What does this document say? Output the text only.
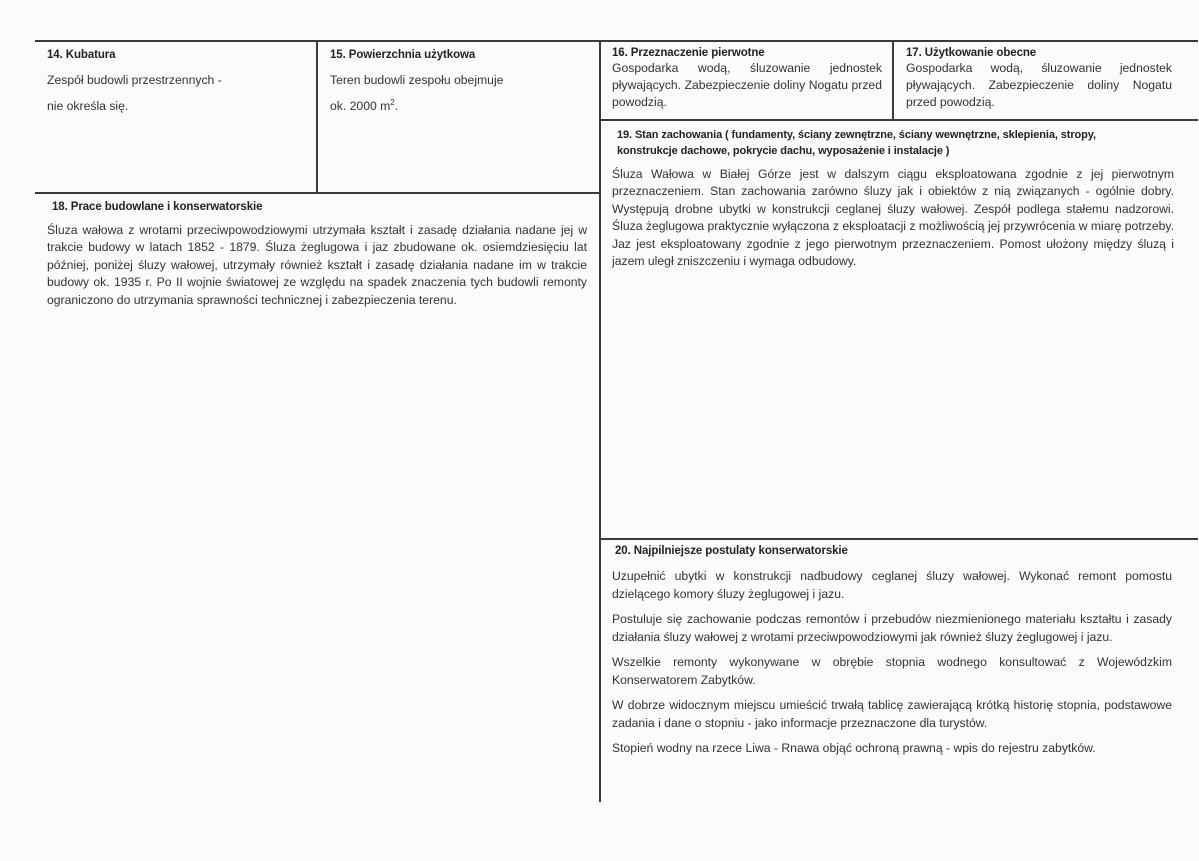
14. Kubatura
Zespół budowli przestrzennych -
nie określa się.
15. Powierzchnia użytkowa
Teren budowli zespołu obejmuje
ok. 2000 $m^2$.
16. Przeznaczenie pierwotne
Gospodarka wodą, śluzowanie jednostek pływających. Zabezpieczenie doliny Nogatu przed powodzią.
17. Użytkowanie obecne
Gospodarka wodą, śluzowanie jednostek pływających. Zabezpieczenie doliny Nogatu przed powodzią.
18. Prace budowlane i konserwatorskie
Śluza wałowa z wrotami przeciwpowodziowymi utrzymała kształt i zasadę działania nadane jej w trakcie budowy w latach 1852 - 1879. Śluza żeglugowa i jaz zbudowane ok. osiemdziesięciu lat później, poniżej śluzy wałowej, utrzymały również kształt i zasadę działania nadane im w trakcie budowy ok. 1935 r. Po II wojnie światowej ze względu na spadek znaczenia tych budowli remonty ograniczono do utrzymania sprawności technicznej i zabezpieczenia terenu.
19. Stan zachowania ( fundamenty, ściany zewnętrzne, ściany wewnętrzne, sklepienia, stropy,
konstrukcje dachowe, pokrycie dachu, wyposażenie i instalacje )
Śluza Wałowa w Białej Górze jest w dalszym ciągu eksploatowana zgodnie z jej pierwotnym przeznaczeniem. Stan zachowania zarówno śluzy jak i obiektów z nią związanych - ogólnie dobry. Występują drobne ubytki w konstrukcji ceglanej śluzy wałowej. Zespół podlega stałemu nadzorowi. Śluza żeglugowa praktycznie wyłączona z eksploatacji z możliwością jej przywrócenia w miarę potrzeby. Jaz jest eksploatowany zgodnie z jego pierwotnym przeznaczeniem. Pomost ułożony między śluzą i jazem uległ zniszczeniu i wymaga odbudowy.
20. Najpilniejsze postulaty konserwatorskie

Uzupełnić ubytki w konstrukcji nadbudowy ceglanej śluzy wałowej. Wykonać remont pomostu dzielącego komory śluzy żeglugowej i jazu.

Postuluje się zachowanie podczas remontów i przebudów niezmienionego materiału kształtu i zasady działania śluzy wałowej z wrotami przeciwpowodziowymi jak również śluzy żeglugowej i jazu.

Wszelkie remonty wykonywane w obrębie stopnia wodnego konsultować z Wojewódzkim Konserwatorem Zabytków.

W dobrze widocznym miejscu umieścić trwałą tablicę zawierającą krótką historię stopnia, podstawowe zadania i dane o stopniu - jako informacje przeznaczone dla turystów.

Stopień wodny na rzece Liwa - Rnawa objąć ochroną prawną - wpis do rejestru zabytków.
